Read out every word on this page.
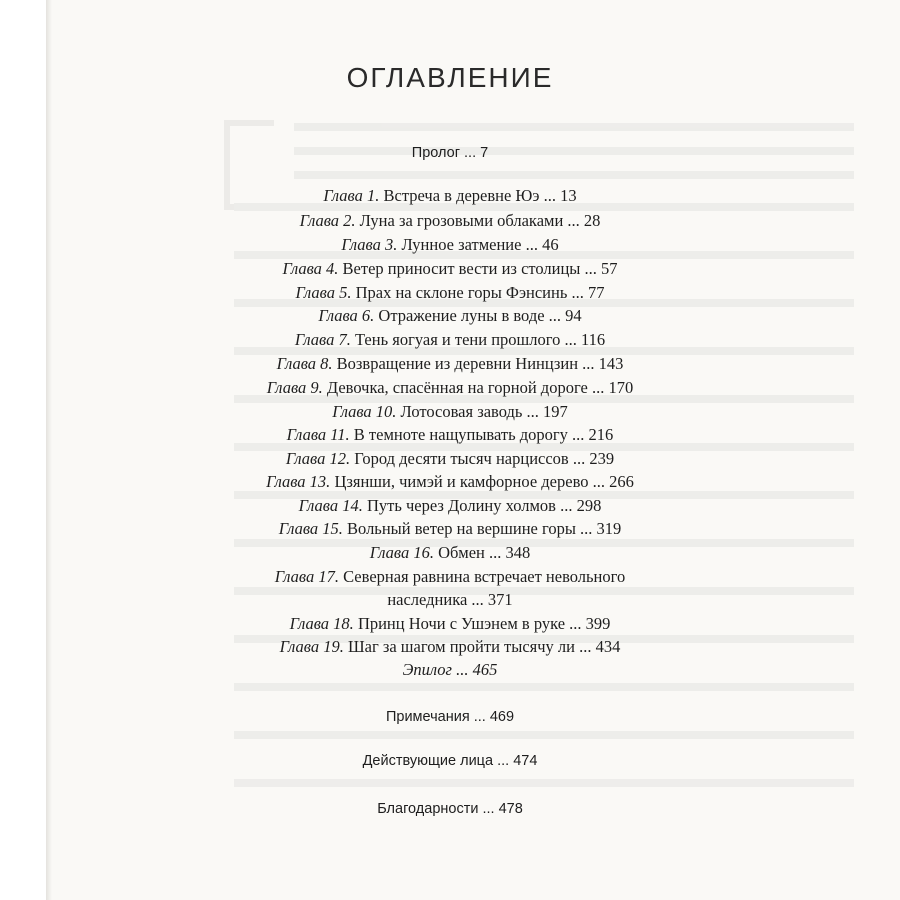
ОГЛАВЛЕНИЕ
Пролог ... 7
Глава 1. Встреча в деревне Юэ ... 13
Глава 2. Луна за грозовыми облаками ... 28
Глава 3. Лунное затмение ... 46
Глава 4. Ветер приносит вести из столицы ... 57
Глава 5. Прах на склоне горы Фэнсинь ... 77
Глава 6. Отражение луны в воде ... 94
Глава 7. Тень яогуая и тени прошлого ... 116
Глава 8. Возвращение из деревни Нинцзин ... 143
Глава 9. Девочка, спасённая на горной дороге ... 170
Глава 10. Лотосовая заводь ... 197
Глава 11. В темноте нащупывать дорогу ... 216
Глава 12. Город десяти тысяч нарциссов ... 239
Глава 13. Цзянши, чимэй и камфорное дерево ... 266
Глава 14. Путь через Долину холмов ... 298
Глава 15. Вольный ветер на вершине горы ... 319
Глава 16. Обмен ... 348
Глава 17. Северная равнина встречает невольного
наследника ... 371
Глава 18. Принц Ночи с Ушэнем в руке ... 399
Глава 19. Шаг за шагом пройти тысячу ли ... 434
Эпилог ... 465
Примечания ... 469
Действующие лица ... 474
Благодарности ... 478
